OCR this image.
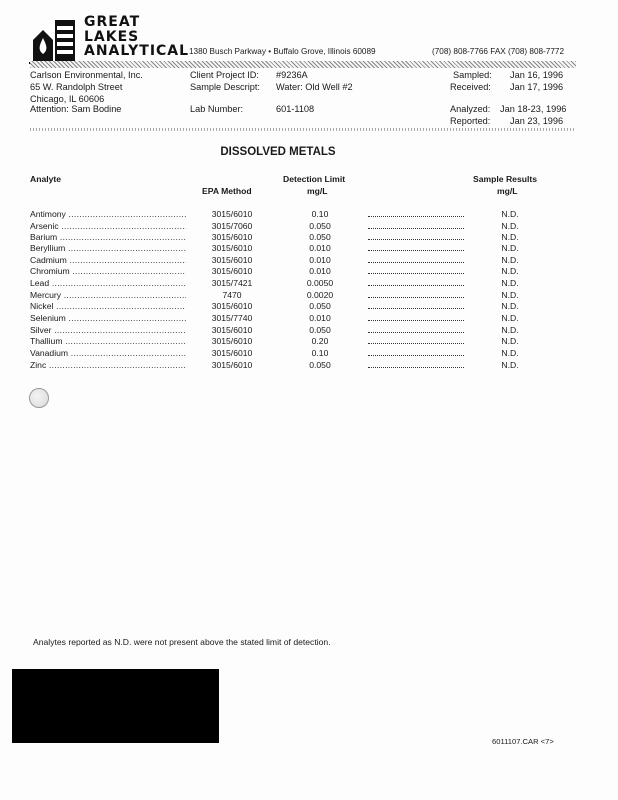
GREAT
LAKES
ANALYTICAL 1380 Busch Parkway • Buffalo Grove, Illinois 60089	(708) 808-7766 FAX (708) 808-7772
Carlson Environmental, Inc.
65 W. Randolph Street
Chicago, IL 60606
Attention: Sam Bodine
Client Project ID: #9236A
Sample Descript: Water: Old Well #2
Lab Number:	601-1108
Sampled: Jan 16, 1996
Received: Jan 17, 1996
Analyzed: Jan 18-23, 1996
Reported: Jan 23, 1996
DISSOLVED METALS
Analyte
EPA Method
Detection Limit
mg/L
Sample Results
mg/L
Antimony .....	3015/6010	0.10	N.D.
Arsenic .....	3015/7060	0.050	N.D.
Barium .....	3015/6010	0.050	N.D.
Beryllium .....	3015/6010	0.010	N.D.
Cadmium .....	3015/6010	0.010	N.D.
Chromium .....	3015/6010	0.010	N.D.
Lead .....	3015/7421	0.0050	N.D.
Mercury .....	7470	0.0020	N.D.
Nickel .....	3015/6010	0.050	N.D.
Selenium .....	3015/7740	0.010	N.D.
Silver .....	3015/6010	0.050	N.D.
Thallium .....	3015/6010	0.20	N.D.
Vanadium .....	3015/6010	0.10	N.D.
Zinc .....	3015/6010	0.050	N.D.
Analytes reported as N.D. were not present above the stated limit of detection.
6011107.CAR <7>
